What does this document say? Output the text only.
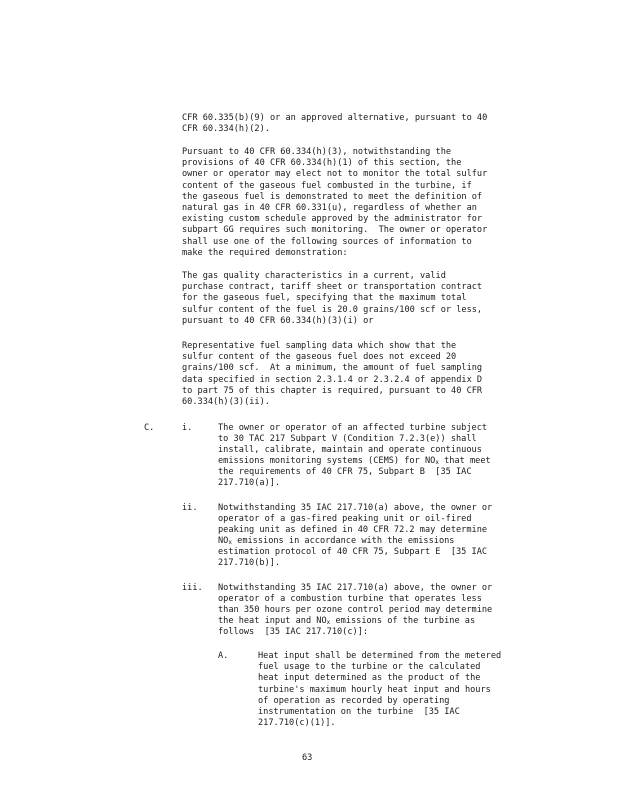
CFR 60.335(b)(9) or an approved alternative, pursuant to 40
CFR 60.334(h)(2).

Pursuant to 40 CFR 60.334(h)(3), notwithstanding the
provisions of 40 CFR 60.334(h)(1) of this section, the
owner or operator may elect not to monitor the total sulfur
content of the gaseous fuel combusted in the turbine, if
the gaseous fuel is demonstrated to meet the definition of
natural gas in 40 CFR 60.331(u), regardless of whether an
existing custom schedule approved by the administrator for
subpart GG requires such monitoring.  The owner or operator
shall use one of the following sources of information to
make the required demonstration:

The gas quality characteristics in a current, valid
purchase contract, tariff sheet or transportation contract
for the gaseous fuel, specifying that the maximum total
sulfur content of the fuel is 20.0 grains/100 scf or less,
pursuant to 40 CFR 60.334(h)(3)(i) or

Representative fuel sampling data which show that the
sulfur content of the gaseous fuel does not exceed 20
grains/100 scf.  At a minimum, the amount of fuel sampling
data specified in section 2.3.1.4 or 2.3.2.4 of appendix D
to part 75 of this chapter is required, pursuant to 40 CFR
60.334(h)(3)(ii).

C.	i.	The owner or operator of an affected turbine subject

to 30 TAC 217 Subpart V (Condition 7.2.3(e)) shall

install, calibrate, maintain and operate continuous

emissions monitoring systems (CEMS) for $NO_x$ that meet

the requirements of 40 CFR 75, Subpart B  [35 IAC

217.710(a)].

ii. Notwithstanding 35 IAC 217.710(a) above, the owner or

operator of a gas-fired peaking unit or oil-fired

peaking unit as defined in 40 CFR 72.2 may determine

$NO_x$ emissions in accordance with the emissions

estimation protocol of 40 CFR 75, Subpart E  [35 IAC

217.710(b)].

iii. Notwithstanding 35 IAC 217.710(a) above, the owner or

operator of a combustion turbine that operates less

than 350 hours per ozone control period may determine

the heat input and $NO_x$ emissions of the turbine as

follows  [35 IAC 217.710(c)]:

A.	Heat input shall be determined from the metered
fuel usage to the turbine or the calculated
heat input determined as the product of the
turbine's maximum hourly heat input and hours
of operation as recorded by operating
instrumentation on the turbine  [35 IAC
217.710(c)(1)].

63
